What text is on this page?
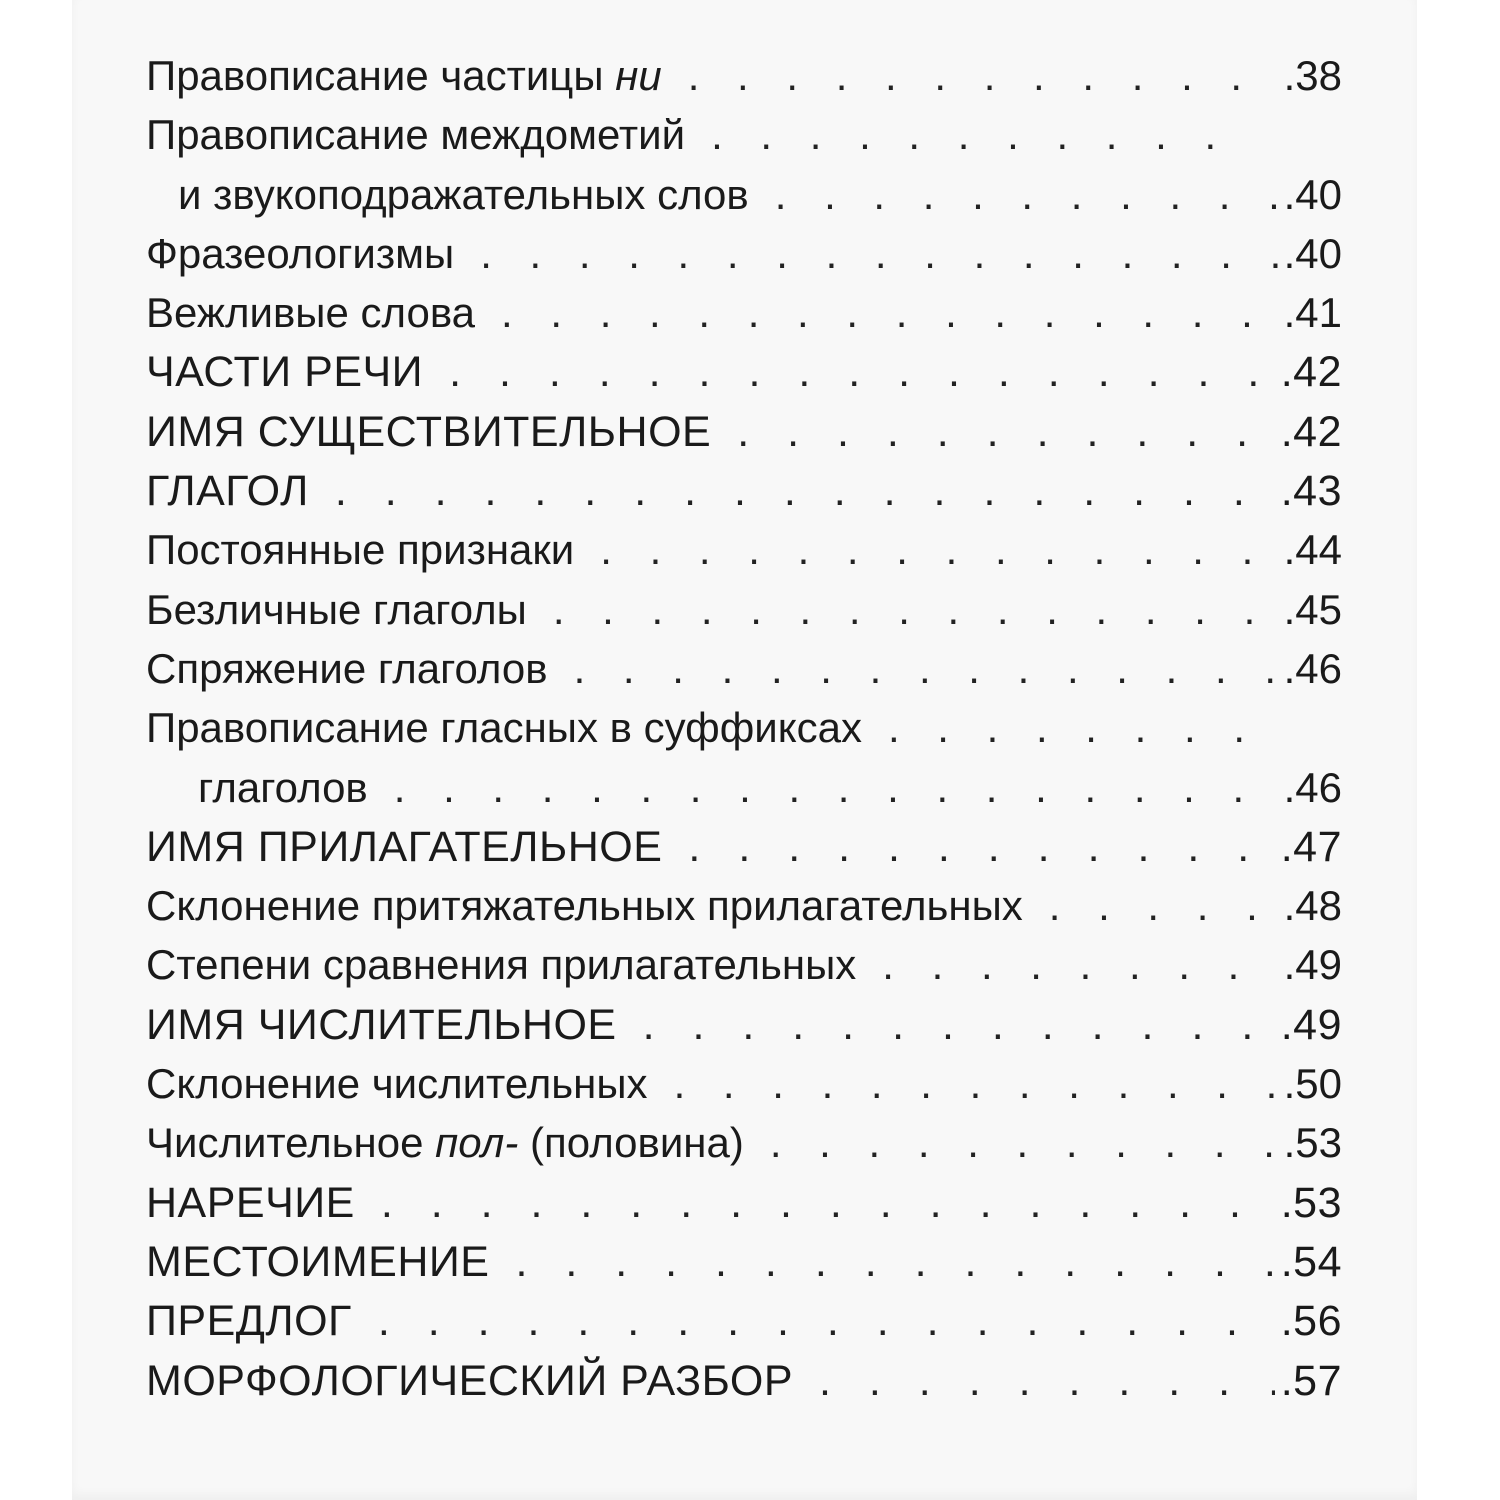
Правописание частицы ни . . .	.38
Правописание междометий
. . .
и звукоподражательных слов . . .	.40
Фразеологизмы . . .	.40
Вежливые слова . . .	.41
ЧАСТИ РЕЧИ . . .	.42
ИМЯ СУЩЕСТВИТЕЛЬНОЕ . . .	.42
ГЛАГОЛ . . .	.43
Постоянные признаки . . .	.44
Безличные глаголы . . .	.45
Спряжение глаголов . . .	.46
Правописание гласных в суффиксах
. . .
глаголов . . .	.46
ИМЯ ПРИЛАГАТЕЛЬНОЕ . . .	.47
Склонение притяжательных прилагательных . . .	.48
Степени сравнения прилагательных . . .	.49
ИМЯ ЧИСЛИТЕЛЬНОЕ . . .	.49
Склонение числительных . . .	.50
Числительное пол- (половина) . . .	.53
НАРЕЧИЕ . . .	.53
МЕСТОИМЕНИЕ . . .	.54
ПРЕДЛОГ . . .	.56
МОРФОЛОГИЧЕСКИЙ РАЗБОР . . .	.57
